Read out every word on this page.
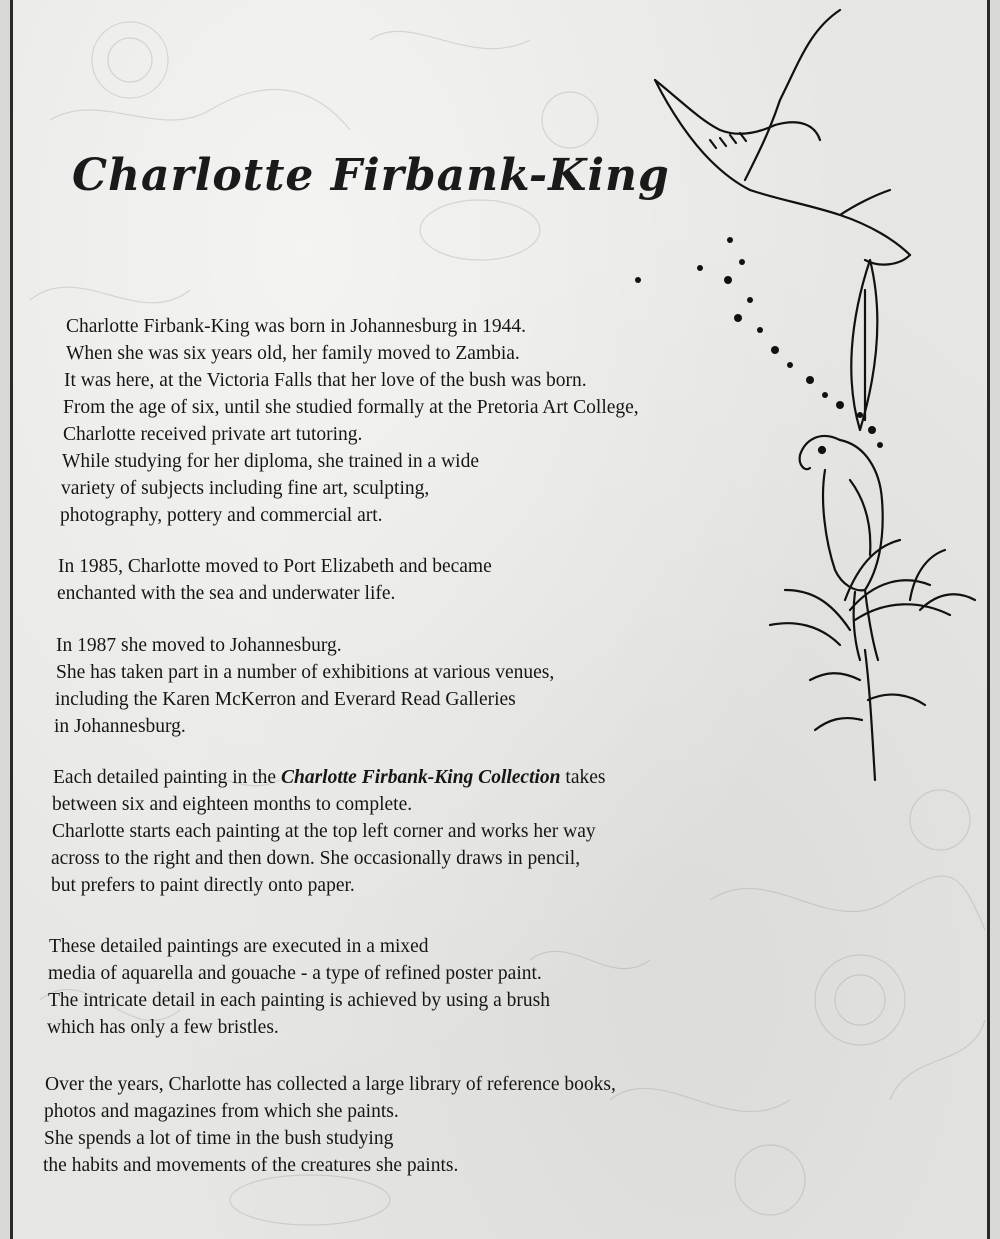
Charlotte Firbank-King

Charlotte Firbank-King was born in Johannesburg in 1944.

When she was six years old, her family moved to Zambia.

It was here, at the Victoria Falls that her love of the bush was born.

From the age of six, until she studied formally at the Pretoria Art College,

Charlotte received private art tutoring.

While studying for her diploma, she trained in a wide

variety of subjects including fine art, sculpting,

photography, pottery and commercial art.

In 1985, Charlotte moved to Port Elizabeth and became

enchanted with the sea and underwater life.

In 1987 she moved to Johannesburg.

She has taken part in a number of exhibitions at various venues,

including the Karen McKerron and Everard Read Galleries

in Johannesburg.

Each detailed painting in the Charlotte Firbank-King Collection takes

between six and eighteen months to complete.

Charlotte starts each painting at the top left corner and works her way

across to the right and then down. She occasionally draws in pencil,

but prefers to paint directly onto paper.

These detailed paintings are executed in a mixed

media of aquarella and gouache - a type of refined poster paint.

The intricate detail in each painting is achieved by using a brush

which has only a few bristles.

Over the years, Charlotte has collected a large library of reference books,

photos and magazines from which she paints.

She spends a lot of time in the bush studying

the habits and movements of the creatures she paints.
